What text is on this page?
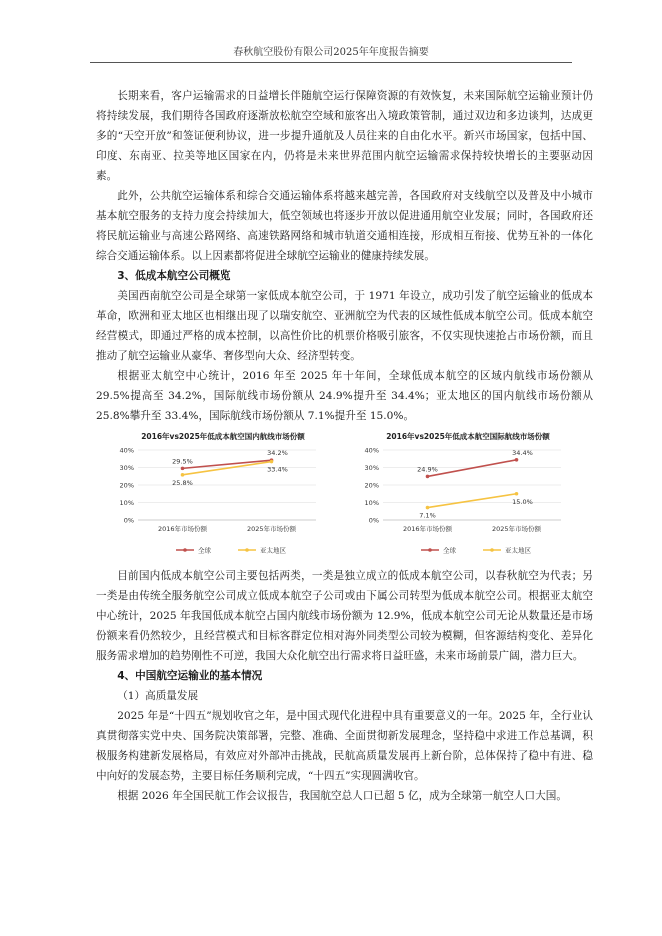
春秋航空股份有限公司2025年年度报告摘要

长期来看，客户运输需求的日益增长伴随航空运行保障资源的有效恢复，未来国际航空运输业预计仍将持续发展，我们期待各国政府逐渐放松航空空域和旅客出入境政策管制，通过双边和多边谈判，达成更多的“天空开放”和签证便利协议，进一步提升通航及人员往来的自由化水平。新兴市场国家，包括中国、印度、东南亚、拉美等地区国家在内，仍将是未来世界范围内航空运输需求保持较快增长的主要驱动因素。

此外，公共航空运输体系和综合交通运输体系将越来越完善，各国政府对支线航空以及普及中小城市基本航空服务的支持力度会持续加大，低空领域也将逐步开放以促进通用航空业发展；同时，各国政府还将民航运输业与高速公路网络、高速铁路网络和城市轨道交通相连接，形成相互衔接、优势互补的一体化综合交通运输体系。以上因素都将促进全球航空运输业的健康持续发展。

3、低成本航空公司概览

美国西南航空公司是全球第一家低成本航空公司，于 1971 年设立，成功引发了航空运输业的低成本革命，欧洲和亚太地区也相继出现了以瑞安航空、亚洲航空为代表的区域性低成本航空公司。低成本航空经营模式，即通过严格的成本控制，以高性价比的机票价格吸引旅客，不仅实现快速抢占市场份额，而且推动了航空运输业从豪华、奢侈型向大众、经济型转变。

根据亚太航空中心统计，2016 年至 2025 年十年间，全球低成本航空的区域内航线市场份额从 29.5%提高至 34.2%，国际航线市场份额从 24.9%提升至 34.4%；亚太地区的国内航线市场份额从 25.8%攀升至 33.4%，国际航线市场份额从 7.1%提升至 15.0%。

2016年vs2025年低成本航空国内航线市场份额
0%
10%
20%
30%
40%
2016年市场份额	2025年市场份额
29.5%
34.2%
25.8%
33.4%
全球	亚太地区
2016年vs2025年低成本航空国际航线市场份额
0%
10%
20%
30%
40%
2016年市场份额	2025年市场份额
24.9%
34.4%
7.1%
15.0%
全球	亚太地区

目前国内低成本航空公司主要包括两类，一类是独立成立的低成本航空公司，以春秋航空为代表；另一类是由传统全服务航空公司成立低成本航空子公司或由下属公司转型为低成本航空公司。根据亚太航空中心统计，2025 年我国低成本航空占国内航线市场份额为 12.9%，低成本航空公司无论从数量还是市场份额来看仍然较少，且经营模式和目标客群定位相对海外同类型公司较为模糊，但客源结构变化、差异化服务需求增加的趋势刚性不可逆，我国大众化航空出行需求将日益旺盛，未来市场前景广阔，潜力巨大。

4、中国航空运输业的基本情况

（1）高质量发展

2025 年是“十四五”规划收官之年，是中国式现代化进程中具有重要意义的一年。2025 年，全行业认真贯彻落实党中央、国务院决策部署，完整、准确、全面贯彻新发展理念，坚持稳中求进工作总基调，积极服务构建新发展格局，有效应对外部冲击挑战，民航高质量发展再上新台阶，总体保持了稳中有进、稳中向好的发展态势，主要目标任务顺利完成，“十四五”实现圆满收官。

根据 2026 年全国民航工作会议报告，我国航空总人口已超 5 亿，成为全球第一航空人口大国。
